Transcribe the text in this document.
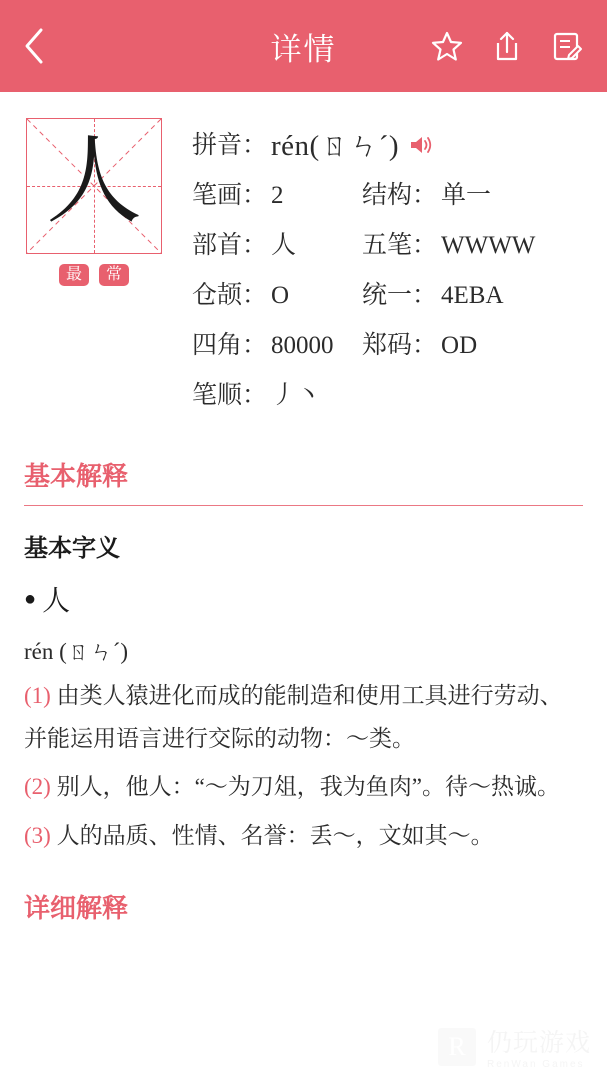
详情
人
最	常
拼音： rén(ㄖㄣˊ)
笔画： 2	结构： 单一
部首： 人	五笔： WWWW
仓颉： O	统一： 4EBA
四角： 80000 郑码： OD
笔顺： 丿丶
基本解释
基本字义
● 人
rén (ㄖㄣˊ)
(1) 由类人猿进化而成的能制造和使用工具进行劳动、并能运用语言进行交际的动物：～类。
(2) 别人，他人：“～为刀俎，我为鱼肉”。待～热诚。
(3) 人的品质、性情、名誉：丢～，文如其～。
详细解释
R 仍玩游戏
RenWan Games
